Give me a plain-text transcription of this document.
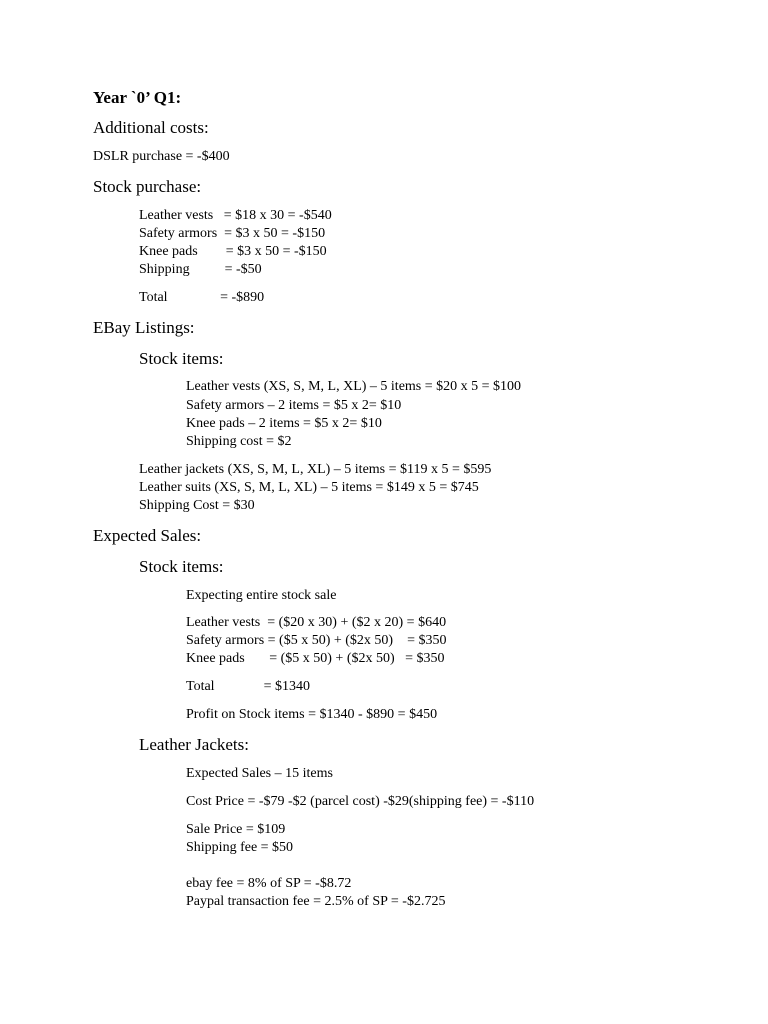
Year `0’ Q1:
Additional costs:
DSLR purchase = -$400
Stock purchase:
Leather vests   = $18 x 30 = -$540
Safety armors  = $3 x 50 = -$150
Knee pads        = $3 x 50 = -$150
Shipping          = -$50
Total               = -$890
EBay Listings:
Stock items:
Leather vests (XS, S, M, L, XL) – 5 items = $20 x 5 = $100
Safety armors – 2 items = $5 x 2= $10
Knee pads – 2 items = $5 x 2= $10
Shipping cost = $2
Leather jackets (XS, S, M, L, XL) – 5 items = $119 x 5 = $595
Leather suits (XS, S, M, L, XL) – 5 items = $149 x 5 = $745
Shipping Cost = $30
Expected Sales:
Stock items:
Expecting entire stock sale
Leather vests  = ($20 x 30) + ($2 x 20) = $640
Safety armors = ($5 x 50) + ($2x 50)    = $350
Knee pads       = ($5 x 50) + ($2x 50)   = $350
Total              = $1340
Profit on Stock items = $1340 - $890 = $450
Leather Jackets:
Expected Sales – 15 items
Cost Price = -$79 -$2 (parcel cost) -$29(shipping fee) = -$110
Sale Price = $109
Shipping fee = $50
ebay fee = 8% of SP = -$8.72
Paypal transaction fee = 2.5% of SP = -$2.725
